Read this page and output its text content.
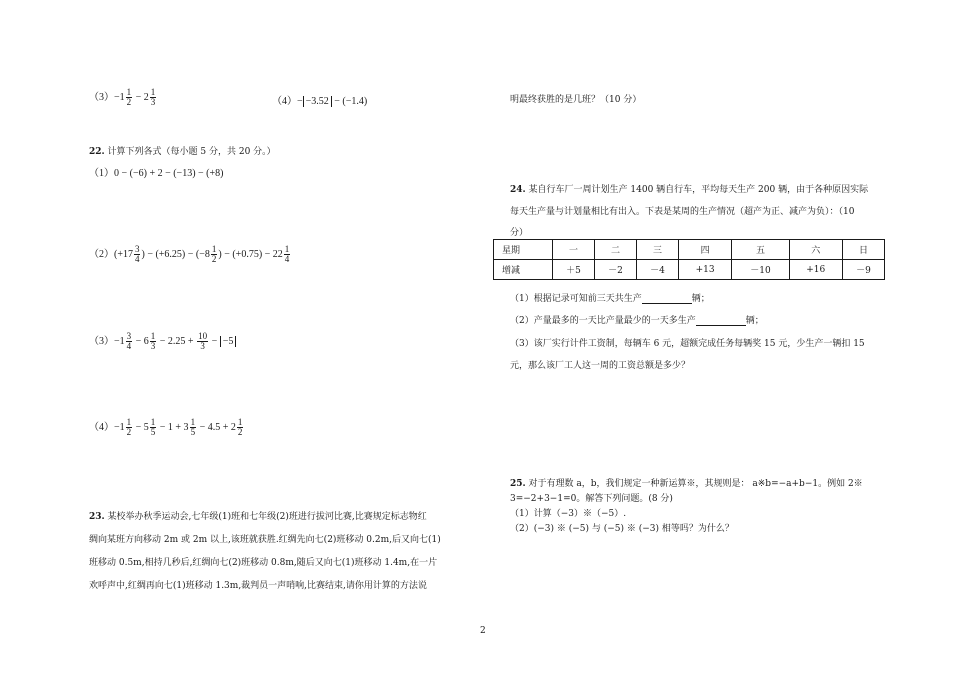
$(3)-1 \frac{1}{2} - 2 \frac{1}{3}$	（4）− −3.52 − (−1.4)
22. 计算下列各式（每小题 5 分，共 20 分。）
（1）0 − (−6) + 2 − (−13) − (+8)
$(2)(+17 \frac{3}{4}$ ) − $(+6.25) - (-8 \frac{1}{2}$ ) − $(+0.75) - 22 \frac{1}{4}$
$(3)-1 \frac{3}{4} - 6 \frac{1}{3} - 2.25 + \frac{10}{3} - -5$
$(4)-1 \frac{1}{2} - 5 \frac{1}{5} - 1 + 3 \frac{1}{5} - 4.5 + 2 \frac{1}{2}$
23. 某校举办秋季运动会,七年级(1)班和七年级(2)班进行拔河比赛,比赛规定标志物红
绸向某班方向移动 2m 或 2m 以上,该班就获胜.红绸先向七(2)班移动 0.2m,后又向七(1)
班移动 0.5m,相持几秒后,红绸向七(2)班移动 0.8m,随后又向七(1)班移动 1.4m,在一片
欢呼声中,红绸再向七(1)班移动 1.3m,裁判员一声哨响,比赛结束,请你用计算的方法说
明最终获胜的是几班？（10 分）
24. 某自行车厂一周计划生产 1400 辆自行车，平均每天生产 200 辆，由于各种原因实际
每天生产量与计划量相比有出入。下表是某周的生产情况（超产为正、减产为负）：（10
分）
星期	一	二	三	四	五	六	日
增减	＋5	－2	－4	+13	－10	+16	－9
（1）根据记录可知前三天共生产	辆；
（2）产量最多的一天比产量最少的一天多生产	辆；
（3）该厂实行计件工资制，每辆车 6 元，超额完成任务每辆奖 15 元，少生产一辆扣 15
元，那么该厂工人这一周的工资总额是多少？
25. 对于有理数 a，b，我们规定一种新运算※，其规则是： a※b=−a+b−1。例如 2※
3=−2+3−1=0。解答下列问题。(8 分)
（1）计算（−3）※（−5）.
（2）(−3) ※ (−5) 与 (−5) ※ (−3) 相等吗？为什么？
2
